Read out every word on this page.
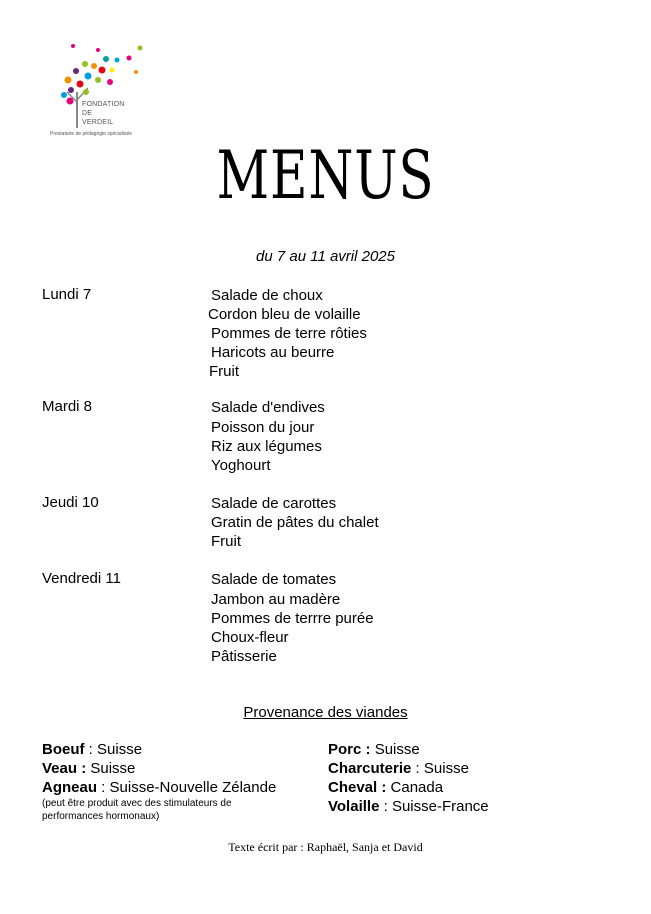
FONDATION
DE
VERDEIL
Prestataire de pédagogie spécialisée
MENUS
du 7 au 11 avril 2025
Lundi 7	Salade de choux
Cordon bleu de volaille
Pommes de terre rôties
Haricots au beurre
Fruit
Mardi 8	Salade d'endives
Poisson du jour
Riz aux légumes
Yoghourt
Jeudi 10	Salade de carottes
Gratin de pâtes du chalet
Fruit
Vendredi 11	Salade de tomates
Jambon au madère
Pommes de terrre purée
Choux-fleur
Pâtisserie
Provenance des viandes
Boeuf : Suisse
Veau : Suisse
Agneau : Suisse-Nouvelle Zélande
(peut être produit avec des stimulateurs de
performances hormonaux)
Porc : Suisse
Charcuterie : Suisse
Cheval : Canada
Volaille : Suisse-France
Texte écrit par : Raphaël, Sanja et David
